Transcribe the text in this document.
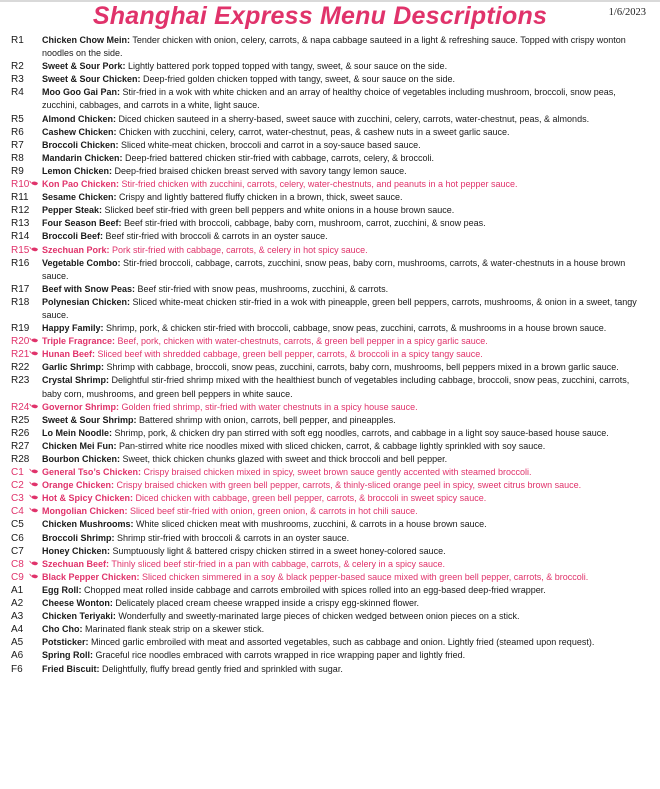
Shanghai Express Menu Descriptions	1/6/2023
R1	Chicken Chow Mein: Tender chicken with onion, celery, carrots, & napa cabbage sauteed in a light & refreshing sauce. Topped with crispy wonton noodles on the side.
R2	Sweet & Sour Pork: Lightly battered pork topped topped with tangy, sweet, & sour sauce on the side.
R3	Sweet & Sour Chicken: Deep-fried golden chicken topped with tangy, sweet, & sour sauce on the side.
R4	Moo Goo Gai Pan: Stir-fried in a wok with white chicken and an array of healthy choice of vegetables including mushroom, broccoli, snow peas, zucchini, cabbages, and carrots in a white, light sauce.
R5	Almond Chicken: Diced chicken sauteed in a sherry-based, sweet sauce with zucchini, celery, carrots, water-chestnut, peas, & almonds.
R6	Cashew Chicken: Chicken with zucchini, celery, carrot, water-chestnut, peas, & cashew nuts in a sweet garlic sauce.
R7	Broccoli Chicken: Sliced white-meat chicken, broccoli and carrot in a soy-sauce based sauce.
R8	Mandarin Chicken: Deep-fried battered chicken stir-fried with cabbage, carrots, celery, & broccoli.
R9	Lemon Chicken: Deep-fried braised chicken breast served with savory tangy lemon sauce.
R10	Kon Pao Chicken: Stir-fried chicken with zucchini, carrots, celery, water-chestnuts, and peanuts in a hot pepper sauce.
R11	Sesame Chicken: Crispy and lightly battered fluffy chicken in a brown, thick, sweet sauce.
R12	Pepper Steak: Slicked beef stir-fried with green bell peppers and white onions in a house brown sauce.
R13	Four Season Beef: Beef stir-fried with broccoli, cabbage, baby corn, mushroom, carrot, zucchini, & snow peas.
R14	Broccoli Beef: Beef stir-fried with broccoli & carrots in an oyster sauce.
R15	Szechuan Pork: Pork stir-fried with cabbage, carrots, & celery in hot spicy sauce.
R16	Vegetable Combo: Stir-fried broccoli, cabbage, carrots, zucchini, snow peas, baby corn, mushrooms, carrots, & water-chestnuts in a house brown sauce.
R17	Beef with Snow Peas: Beef stir-fried with snow peas, mushrooms, zucchini, & carrots.
R18	Polynesian Chicken: Sliced white-meat chicken stir-fried in a wok with pineapple, green bell peppers, carrots, mushrooms, & onion in a sweet, tangy sauce.
R19	Happy Family: Shrimp, pork, & chicken stir-fried with broccoli, cabbage, snow peas, zucchini, carrots, & mushrooms in a house brown sauce.
R20	Triple Fragrance: Beef, pork, chicken with water-chestnuts, carrots, & green bell pepper in a spicy garlic sauce.
R21	Hunan Beef: Sliced beef with shredded cabbage, green bell pepper, carrots, & broccoli in a spicy tangy sauce.
R22	Garlic Shrimp: Shrimp with cabbage, broccoli, snow peas, zucchini, carrots, baby corn, mushrooms, bell peppers mixed in a brown garlic sauce.
R23	Crystal Shrimp: Delightful stir-fried shrimp mixed with the healthiest bunch of vegetables including cabbage, broccoli, snow peas, zucchini, carrots, baby corn, mushrooms, and green bell peppers in white sauce.
R24	Governor Shrimp: Golden fried shrimp, stir-fried with water chestnuts in a spicy house sauce.
R25	Sweet & Sour Shrimp: Battered shrimp with onion, carrots, bell pepper, and pineapples.
R26	Lo Mein Noodle: Shrimp, pork, & chicken dry pan stirred with soft egg noodles, carrots, and cabbage in a light soy sauce-based house sauce.
R27	Chicken Mei Fun: Pan-stirred white rice noodles mixed with sliced chicken, carrot, & cabbage lightly sprinkled with soy sauce.
R28	Bourbon Chicken: Sweet, thick chicken chunks glazed with sweet and thick broccoli and bell pepper.
C1	General Tso’s Chicken: Crispy braised chicken mixed in spicy, sweet brown sauce gently accented with steamed broccoli.
C2	Orange Chicken: Crispy braised chicken with green bell pepper, carrots, & thinly-sliced orange peel in spicy, sweet citrus brown sauce.
C3	Hot & Spicy Chicken: Diced chicken with cabbage, green bell pepper, carrots, & broccoli in sweet spicy sauce.
C4	Mongolian Chicken: Sliced beef stir-fried with onion, green onion, & carrots in hot chili sauce.
C5	Chicken Mushrooms: White sliced chicken meat with mushrooms, zucchini, & carrots in a house brown sauce.
C6	Broccoli Shrimp: Shrimp stir-fried with broccoli & carrots in an oyster sauce.
C7	Honey Chicken: Sumptuously light & battered crispy chicken stirred in a sweet honey-colored sauce.
C8	Szechuan Beef: Thinly sliced beef stir-fried in a pan with cabbage, carrots, & celery in a spicy sauce.
C9	Black Pepper Chicken: Sliced chicken simmered in a soy & black pepper-based sauce mixed with green bell pepper, carrots, & broccoli.
A1	Egg Roll: Chopped meat rolled inside cabbage and carrots embroiled with spices rolled into an egg-based deep-fried wrapper.
A2	Cheese Wonton: Delicately placed cream cheese wrapped inside a crispy egg-skinned flower.
A3	Chicken Teriyaki: Wonderfully and sweetly-marinated large pieces of chicken wedged between onion pieces on a stick.
A4	Cho Cho: Marinated flank steak strip on a skewer stick.
A5	Potsticker: Minced garlic embroiled with meat and assorted vegetables, such as cabbage and onion. Lightly fried (steamed upon request).
A6	Spring Roll: Graceful rice noodles embraced with carrots wrapped in rice wrapping paper and lightly fried.
F6	Fried Biscuit: Delightfully, fluffy bread gently fried and sprinkled with sugar.
